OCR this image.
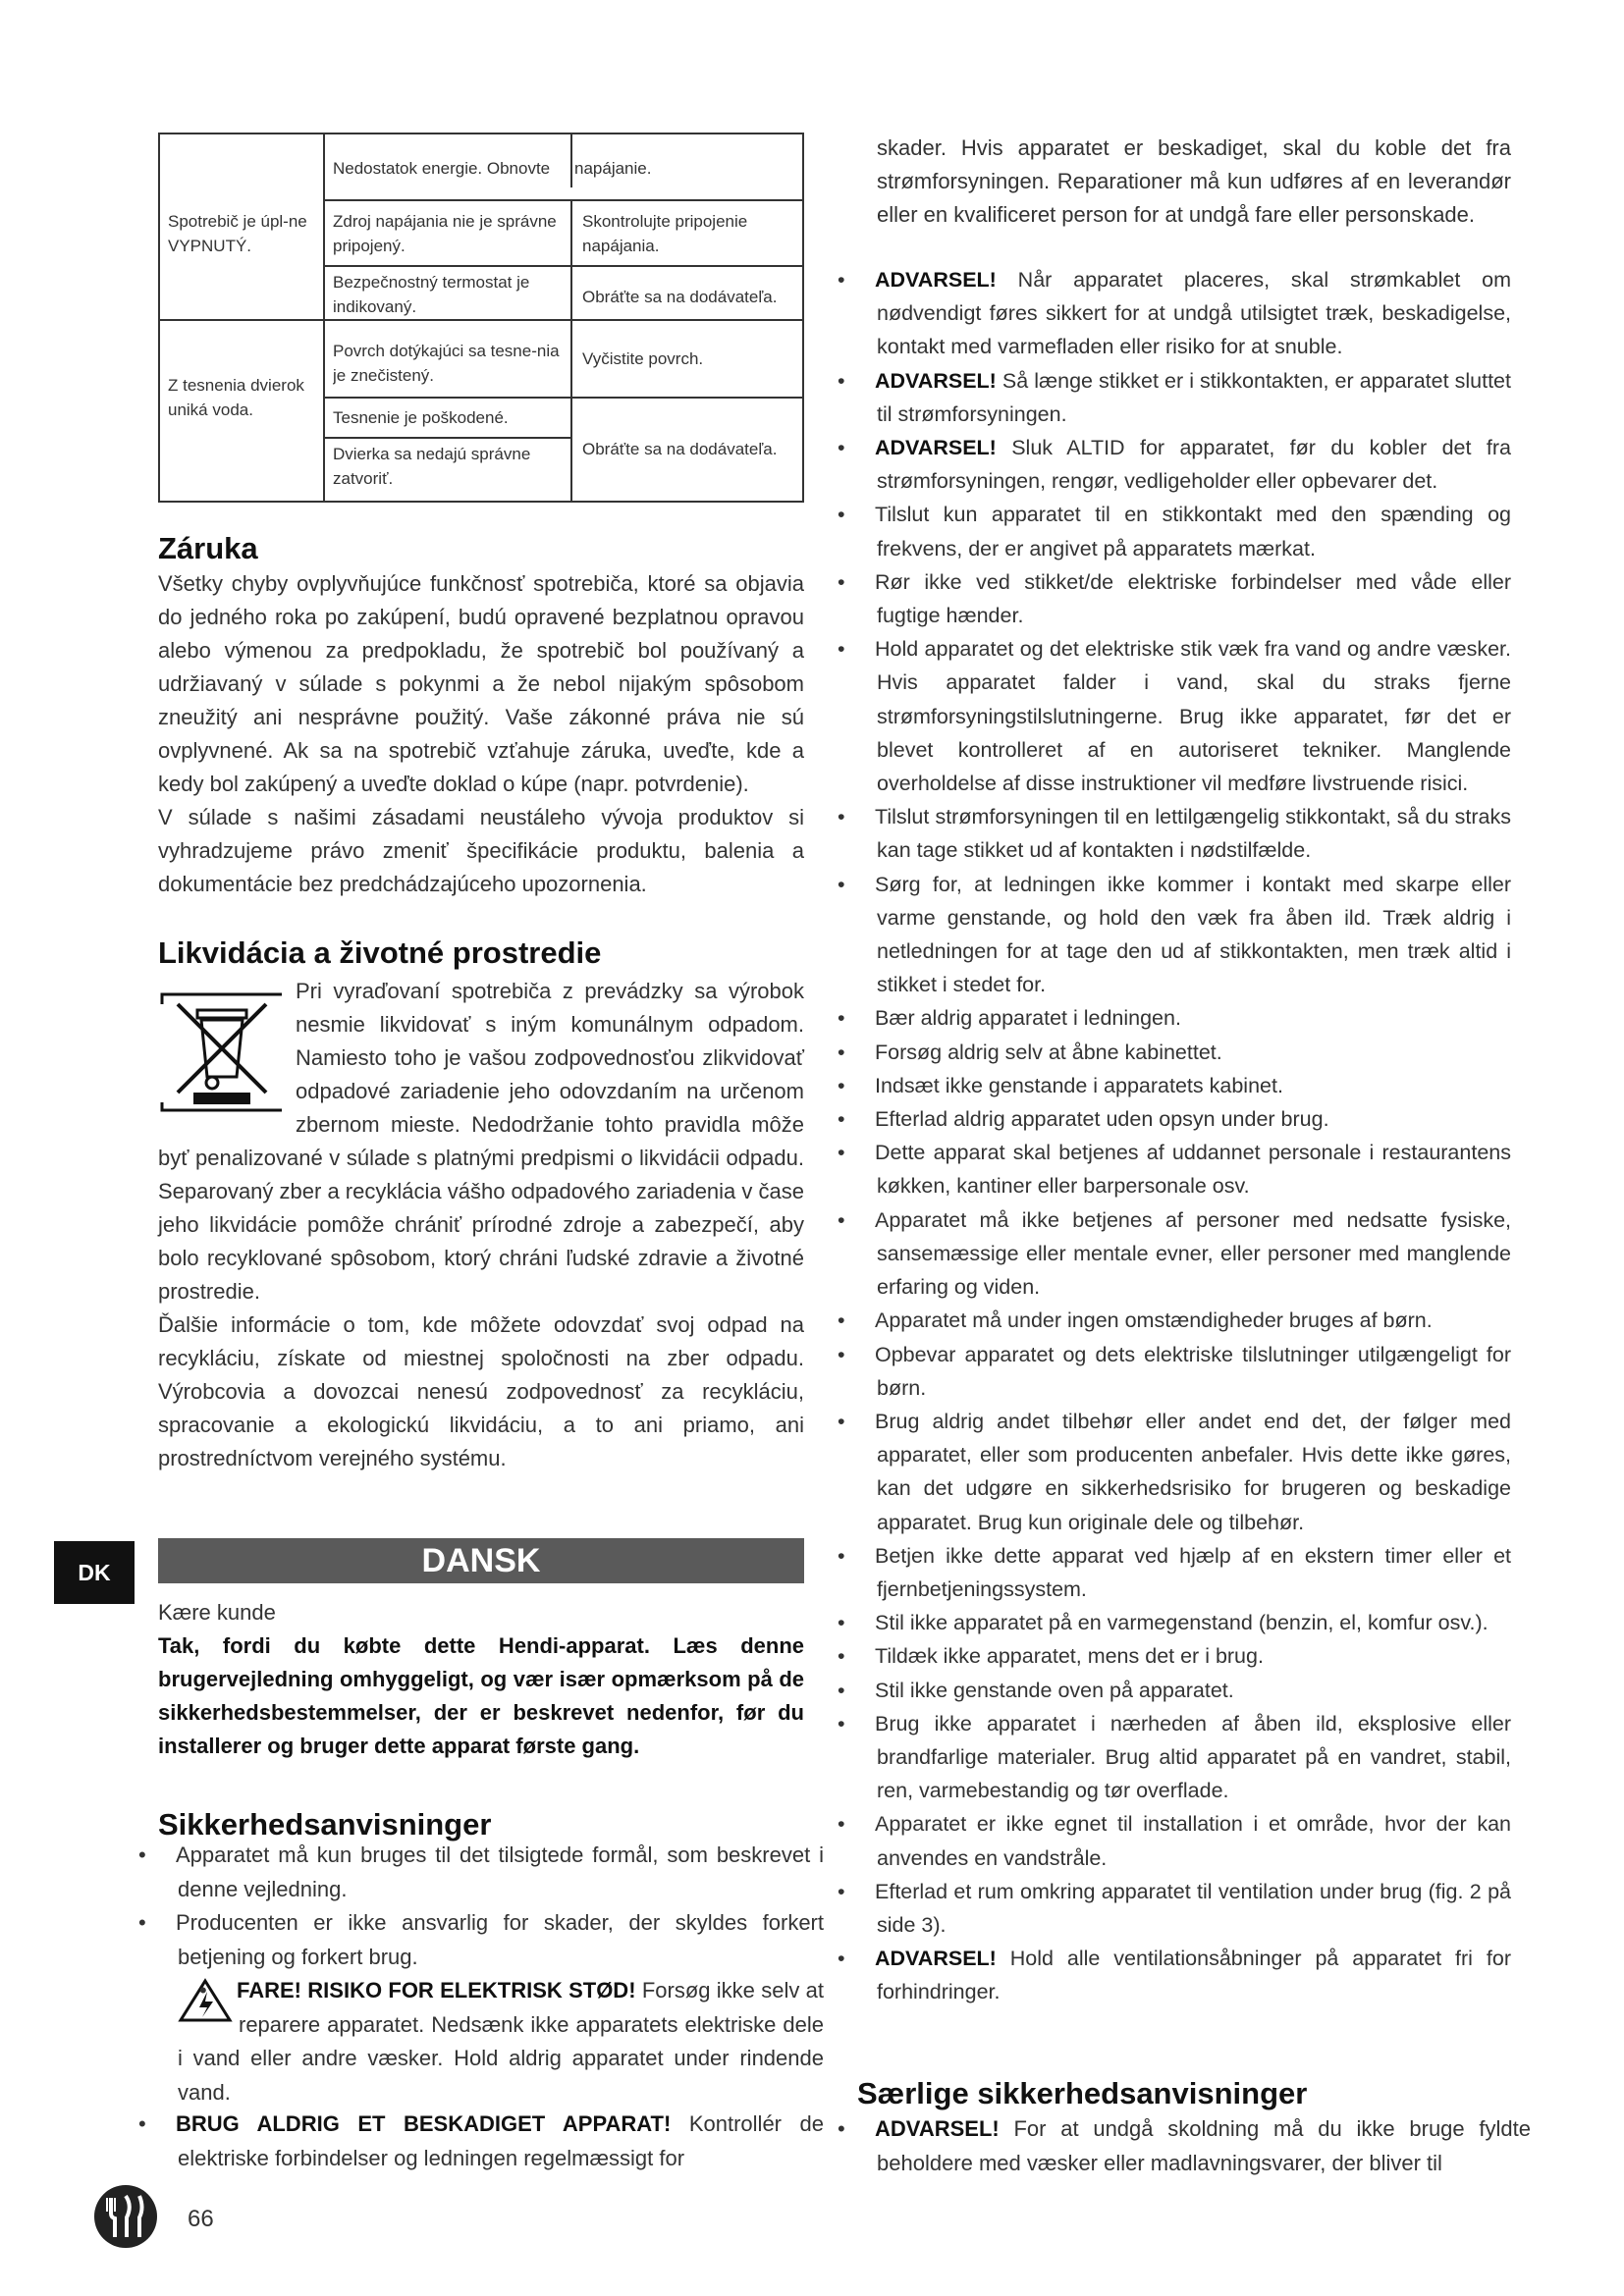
Nedostatok energie. Obnovte	napájanie.
Spotrebič je úpl-ne VYPNUTÝ.
Zdroj napájania nie je správne pripojený.
Skontrolujte pripojenie napájania.
Bezpečnostný termostat je indikovaný.
Obráťte sa na dodávateľa.
Z tesnenia dvierok uniká voda.
Povrch dotýkajúci sa tesne-nia je znečistený.
Vyčistite povrch.
Tesnenie je poškodené.
Dvierka sa nedajú správne zatvoriť.
Obráťte sa na dodávateľa.
Záruka

Všetky chyby ovplyvňujúce funkčnosť spotrebiča, ktoré sa objavia do jedného roka po zakúpení, budú opravené bezplatnou opravou alebo výmenou za predpokladu, že spotrebič bol používaný a udržiavaný v súlade s pokynmi a že nebol nijakým spôsobom zneužitý ani nesprávne použitý. Vaše zákonné práva nie sú ovplyvnené. Ak sa na spotrebič vzťahuje záruka, uveďte, kde a kedy bol zakúpený a uveďte doklad o kúpe (napr. potvrdenie).

V súlade s našimi zásadami neustáleho vývoja produktov si vyhradzujeme právo zmeniť špecifikácie produktu, balenia a dokumentácie bez predchádzajúceho upozornenia.

Likvidácia a životné prostredie

Pri vyraďovaní spotrebiča z prevádzky sa výrobok nesmie likvidovať s iným komunálnym odpadom. Namiesto toho je vašou zodpovednosťou zlikvidovať odpadové zariadenie jeho odovzdaním na určenom zbernom mieste. Nedodržanie tohto pravidla môže byť penalizované v súlade s platnými predpismi o likvidácii odpadu. Separovaný zber a recyklácia vášho odpadového zariadenia v čase jeho likvidácie pomôže chrániť prírodné zdroje a zabezpečí, aby bolo recyklované spôsobom, ktorý chráni ľudské zdravie a životné prostredie.

Ďalšie informácie o tom, kde môžete odovzdať svoj odpad na recykláciu, získate od miestnej spoločnosti na zber odpadu. Výrobcovia a dovozcai nenesú zodpovednosť za recykláciu, spracovanie a ekologickú likvidáciu, a to ani priamo, ani prostredníctvom verejného systému.

DK	DANSK
Kære kunde
Tak, fordi du købte dette Hendi-apparat. Læs denne brugervejledning omhyggeligt, og vær især opmærksom på de sikkerhedsbestemmelser, der er beskrevet nedenfor, før du installerer og bruger dette apparat første gang.
Sikkerhedsanvisninger
• Apparatet må kun bruges til det tilsigtede formål, som beskrevet i denne vejledning.
• Producenten er ikke ansvarlig for skader, der skyldes forkert betjening og forkert brug.
• FARE! RISIKO FOR ELEKTRISK STØD! Forsøg ikke selv at reparere apparatet. Nedsænk ikke apparatets elektriske dele i vand eller andre væsker. Hold aldrig apparatet under rindende vand.
• BRUG ALDRIG ET BESKADIGET APPARAT! Kontrollér de elektriske forbindelser og ledningen regelmæssigt for
66
skader. Hvis apparatet er beskadiget, skal du koble det fra strømforsyningen. Reparationer må kun udføres af en leverandør eller en kvalificeret person for at undgå fare eller personskade.
• ADVARSEL! Når apparatet placeres, skal strømkablet om nødvendigt føres sikkert for at undgå utilsigtet træk, beskadigelse, kontakt med varmefladen eller risiko for at snuble.
• ADVARSEL! Så længe stikket er i stikkontakten, er apparatet sluttet til strømforsyningen.
• ADVARSEL! Sluk ALTID for apparatet, før du kobler det fra strømforsyningen, rengør, vedligeholder eller opbevarer det.
• Tilslut kun apparatet til en stikkontakt med den spænding og frekvens, der er angivet på apparatets mærkat.
• Rør ikke ved stikket/de elektriske forbindelser med våde eller fugtige hænder.
• Hold apparatet og det elektriske stik væk fra vand og andre væsker. Hvis apparatet falder i vand, skal du straks fjerne strømforsyningstilslutningerne. Brug ikke apparatet, før det er blevet kontrolleret af en autoriseret tekniker. Manglende overholdelse af disse instruktioner vil medføre livstruende risici.
• Tilslut strømforsyningen til en lettilgængelig stikkontakt, så du straks kan tage stikket ud af kontakten i nødstilfælde.
• Sørg for, at ledningen ikke kommer i kontakt med skarpe eller varme genstande, og hold den væk fra åben ild. Træk aldrig i netledningen for at tage den ud af stikkontakten, men træk altid i stikket i stedet for.
• Bær aldrig apparatet i ledningen.
• Forsøg aldrig selv at åbne kabinettet.
• Indsæt ikke genstande i apparatets kabinet.
• Efterlad aldrig apparatet uden opsyn under brug.
• Dette apparat skal betjenes af uddannet personale i restaurantens køkken, kantiner eller barpersonale osv.
• Apparatet må ikke betjenes af personer med nedsatte fysiske, sansemæssige eller mentale evner, eller personer med manglende erfaring og viden.
• Apparatet må under ingen omstændigheder bruges af børn.
• Opbevar apparatet og dets elektriske tilslutninger utilgængeligt for børn.
• Brug aldrig andet tilbehør eller andet end det, der følger med apparatet, eller som producenten anbefaler. Hvis dette ikke gøres, kan det udgøre en sikkerhedsrisiko for brugeren og beskadige apparatet. Brug kun originale dele og tilbehør.
• Betjen ikke dette apparat ved hjælp af en ekstern timer eller et fjernbetjeningssystem.
• Stil ikke apparatet på en varmegenstand (benzin, el, komfur osv.).
• Tildæk ikke apparatet, mens det er i brug.
• Stil ikke genstande oven på apparatet.
• Brug ikke apparatet i nærheden af åben ild, eksplosive eller brandfarlige materialer. Brug altid apparatet på en vandret, stabil, ren, varmebestandig og tør overflade.
• Apparatet er ikke egnet til installation i et område, hvor der kan anvendes en vandstråle.
• Efterlad et rum omkring apparatet til ventilation under brug (fig. 2 på side 3).
• ADVARSEL! Hold alle ventilationsåbninger på apparatet fri for forhindringer.
Særlige sikkerhedsanvisninger
• ADVARSEL! For at undgå skoldning må du ikke bruge fyldte beholdere med væsker eller madlavningsvarer, der bliver til
